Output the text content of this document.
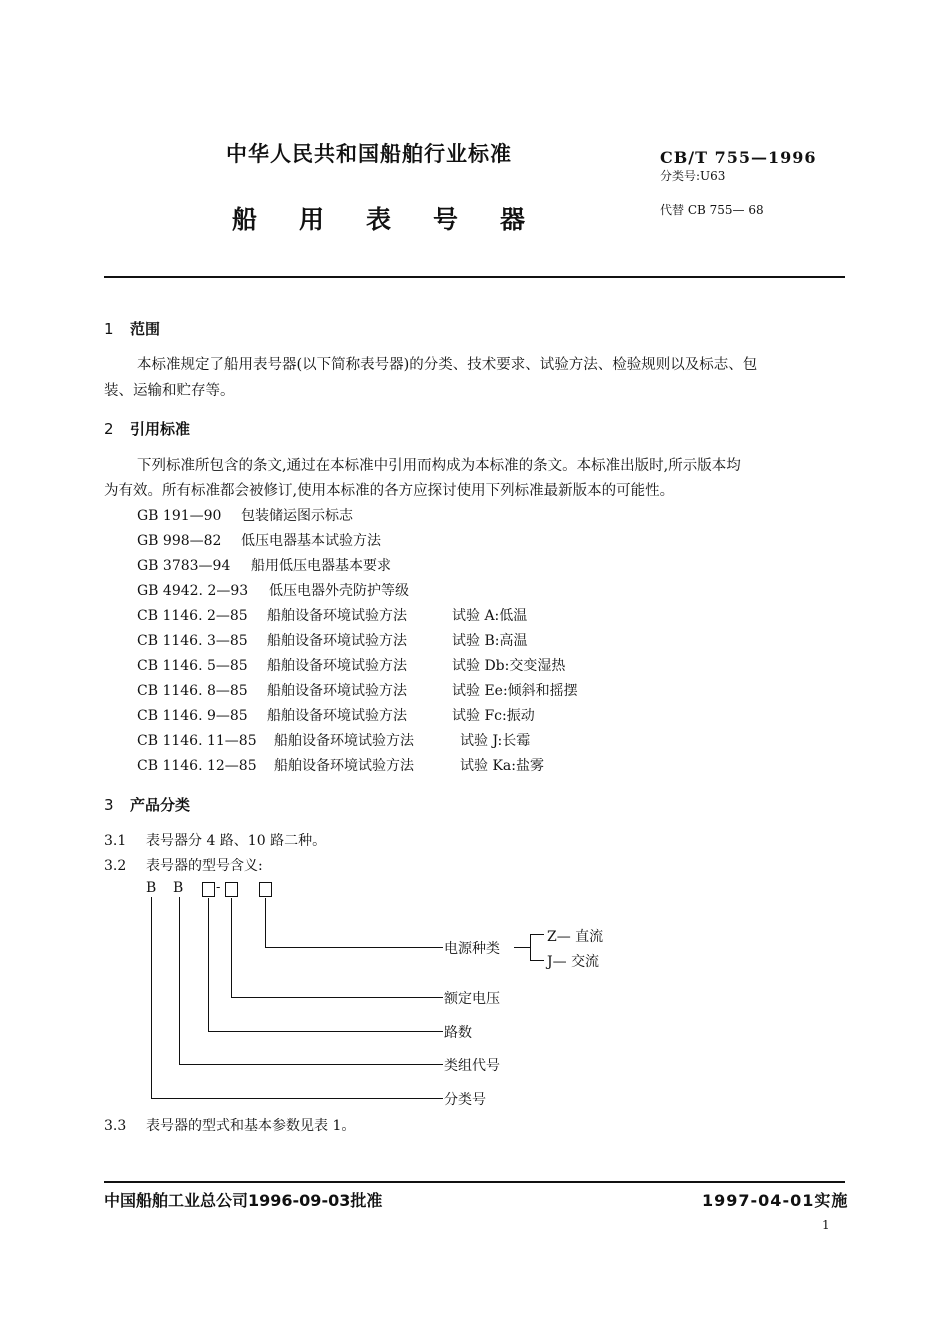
中华人民共和国船舶行业标准
船用表号器
CB/T 755—1996
分类号:U63
代替 CB 755— 68
1 范围
本标准规定了船用表号器(以下简称表号器)的分类、技术要求、试验方法、检验规则以及标志、包
装、运输和贮存等。
2 引用标准
下列标准所包含的条文,通过在本标准中引用而构成为本标准的条文。本标准出版时,所示版本均
为有效。所有标准都会被修订,使用本标准的各方应探讨使用下列标准最新版本的可能性。
GB 191—90 包装储运图示标志
GB 998—82 低压电器基本试验方法
GB 3783—94 船用低压电器基本要求
GB 4942. 2—93 低压电器外壳防护等级
CB 1146. 2—85 船舶设备环境试验方法	试验 A:低温
CB 1146. 3—85 船舶设备环境试验方法	试验 B:高温
CB 1146. 5—85 船舶设备环境试验方法	试验 Db:交变湿热
CB 1146. 8—85 船舶设备环境试验方法	试验 Ee:倾斜和摇摆
CB 1146. 9—85 船舶设备环境试验方法	试验 Fc:振动
CB 1146. 11—85 船舶设备环境试验方法	试验 J:长霉
CB 1146. 12—85 船舶设备环境试验方法	试验 Ka:盐雾
3 产品分类
3.1 表号器分 4 路、10 路二种。
3.2 表号器的型号含义:
B B	-
电源种类
Z— 直流
J— 交流
额定电压
路数
类组代号
分类号
3.3 表号器的型式和基本参数见表 1。
中国船舶工业总公司1996-09-03批准	1997-04-01实施
1
